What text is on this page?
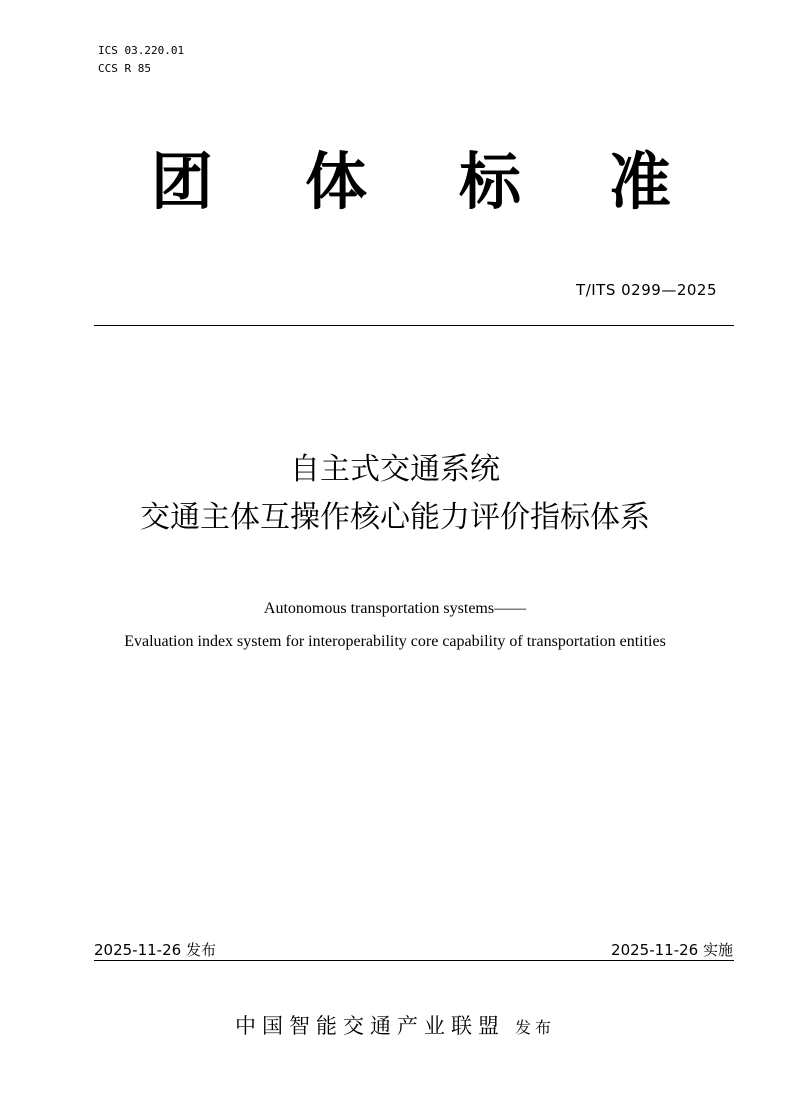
ICS 03.220.01
CCS R 85
团 体 标 准
T/ITS 0299—2025
自主式交通系统
交通主体互操作核心能力评价指标体系
Autonomous transportation systems——
Evaluation index system for interoperability core capability of transportation entities
2025-11-26 发布	2025-11-26 实施
中国智能交通产业联盟 发布
